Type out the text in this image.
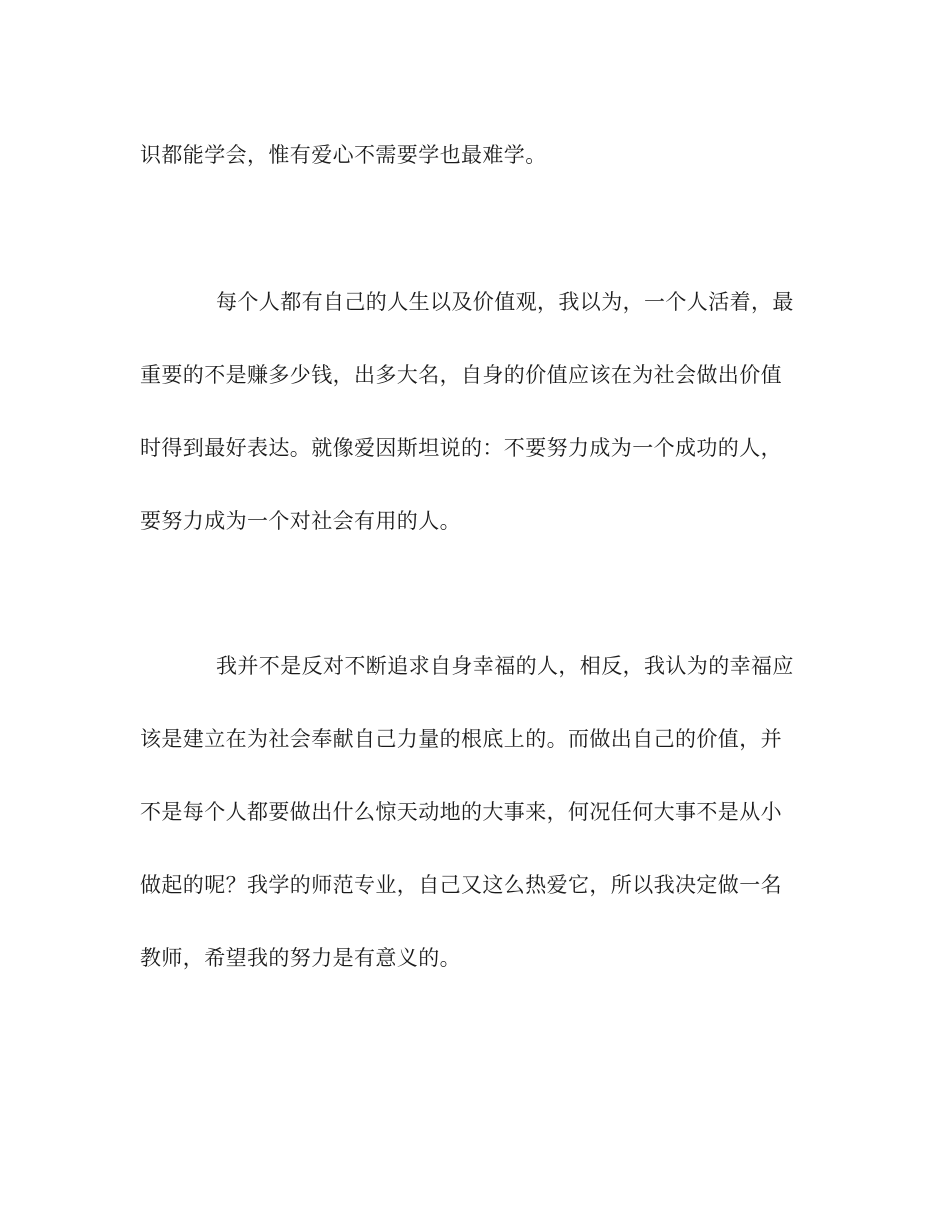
识都能学会，惟有爱心不需要学也最难学。
每个人都有自己的人生以及价值观，我以为，一个人活着，最
重要的不是赚多少钱，出多大名，自身的价值应该在为社会做出价值
时得到最好表达。就像爱因斯坦说的：不要努力成为一个成功的人，
要努力成为一个对社会有用的人。
我并不是反对不断追求自身幸福的人，相反，我认为的幸福应
该是建立在为社会奉献自己力量的根底上的。而做出自己的价值，并
不是每个人都要做出什么惊天动地的大事来，何况任何大事不是从小
做起的呢？我学的师范专业，自己又这么热爱它，所以我决定做一名
教师，希望我的努力是有意义的。
